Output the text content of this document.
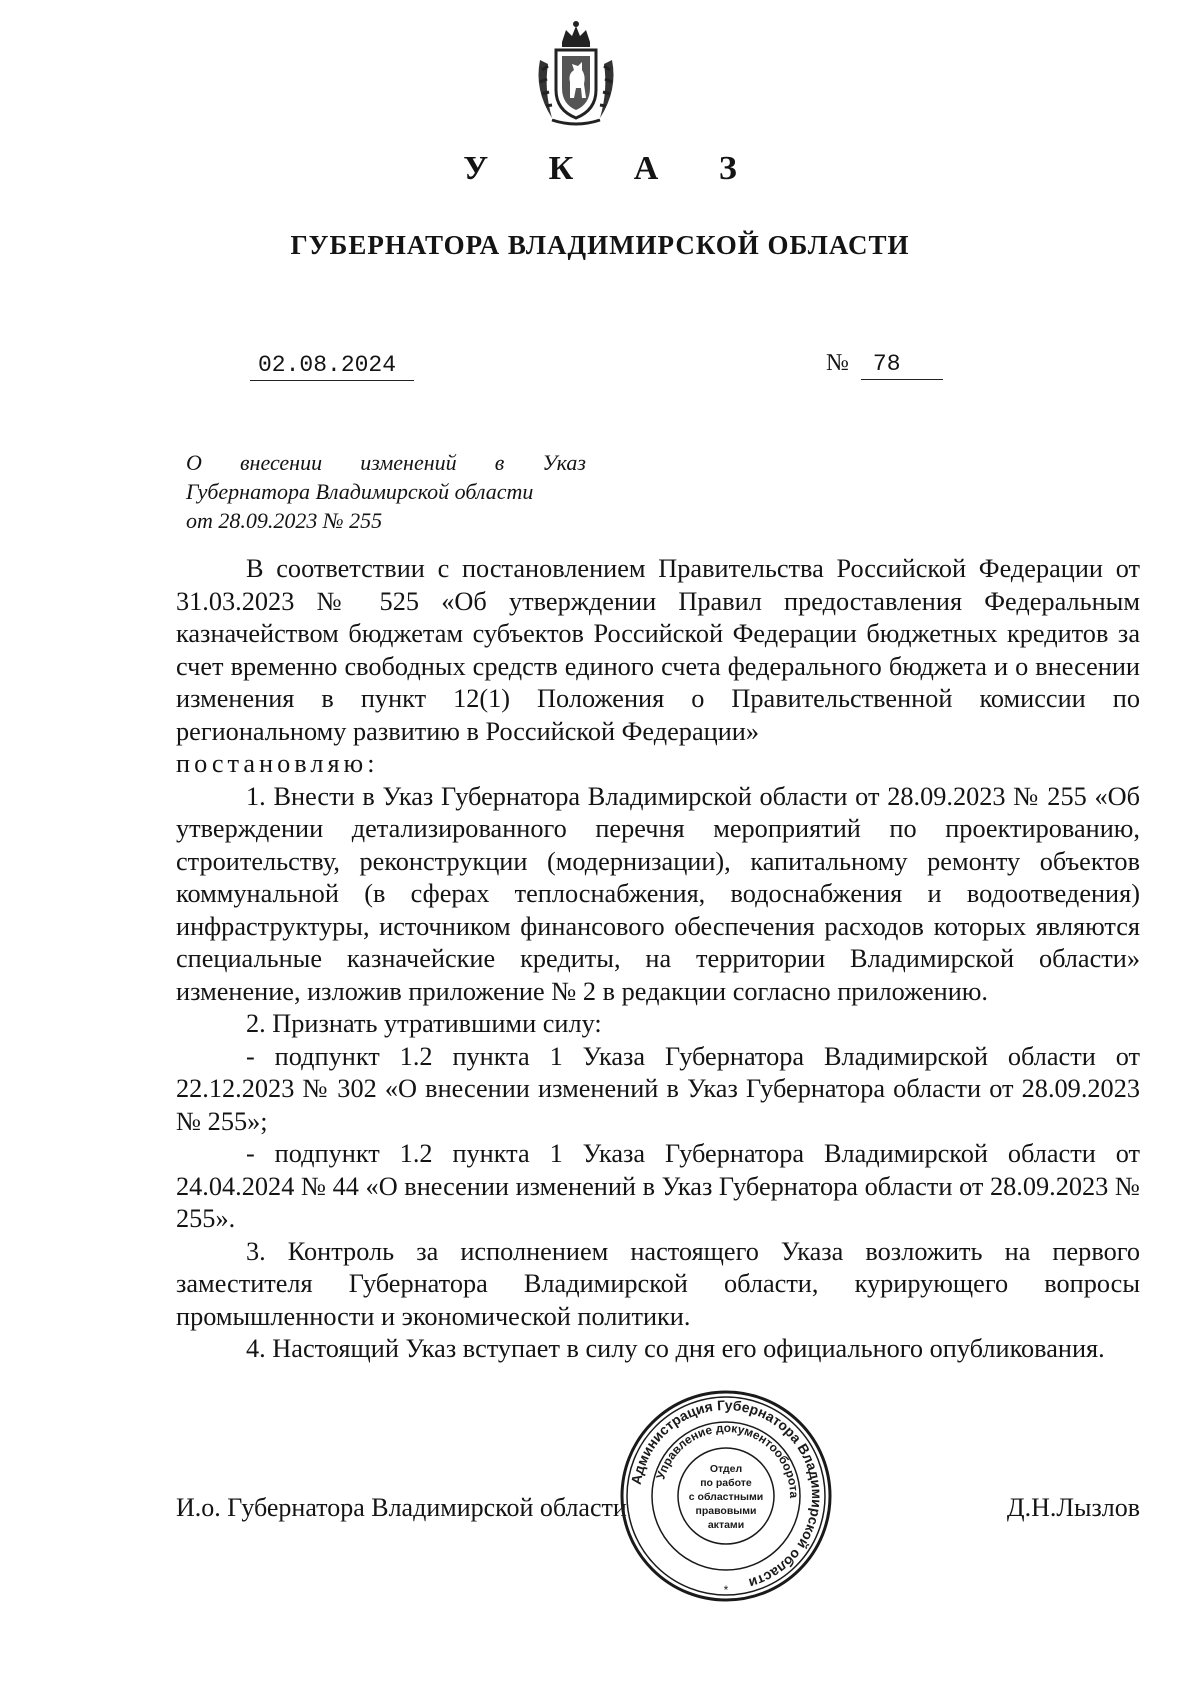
У К А З
ГУБЕРНАТОРА ВЛАДИМИРСКОЙ ОБЛАСТИ
02.08.2024	№ 78
О внесении изменений в Указ
Губернатора Владимирской области
от 28.09.2023 № 255

В соответствии с постановлением Правительства Российской Федерации от 31.03.2023 № 525 «Об утверждении Правил предоставления Федеральным казначейством бюджетам субъектов Российской Федерации бюджетных кредитов за счет временно свободных средств единого счета федерального бюджета и о внесении изменения в пункт 12(1) Положения о Правительственной комиссии по региональному развитию в Российской Федерации»

постановляю:

1. Внести в Указ Губернатора Владимирской области от 28.09.2023 № 255 «Об утверждении детализированного перечня мероприятий по проектированию, строительству, реконструкции (модернизации), капитальному ремонту объектов коммунальной (в сферах теплоснабжения, водоснабжения и водоотведения) инфраструктуры, источником финансового обеспечения расходов которых являются специальные казначейские кредиты, на территории Владимирской области» изменение, изложив приложение № 2 в редакции согласно приложению.

2. Признать утратившими силу:

- подпункт 1.2 пункта 1 Указа Губернатора Владимирской области от 22.12.2023 № 302 «О внесении изменений в Указ Губернатора области от 28.09.2023 № 255»;

- подпункт 1.2 пункта 1 Указа Губернатора Владимирской области от 24.04.2024 № 44 «О внесении изменений в Указ Губернатора области от 28.09.2023 № 255».

3. Контроль за исполнением настоящего Указа возложить на первого заместителя Губернатора Владимирской области, курирующего вопросы промышленности и экономической политики.

4. Настоящий Указ вступает в силу со дня его официального опубликования.

И.о. Губернатора Владимирской области	Д.Н.Лызлов
Администрация Губернатора Владимирской области
Управление документооборота
Отдел
по работе
с областными
правовыми
актами
*
